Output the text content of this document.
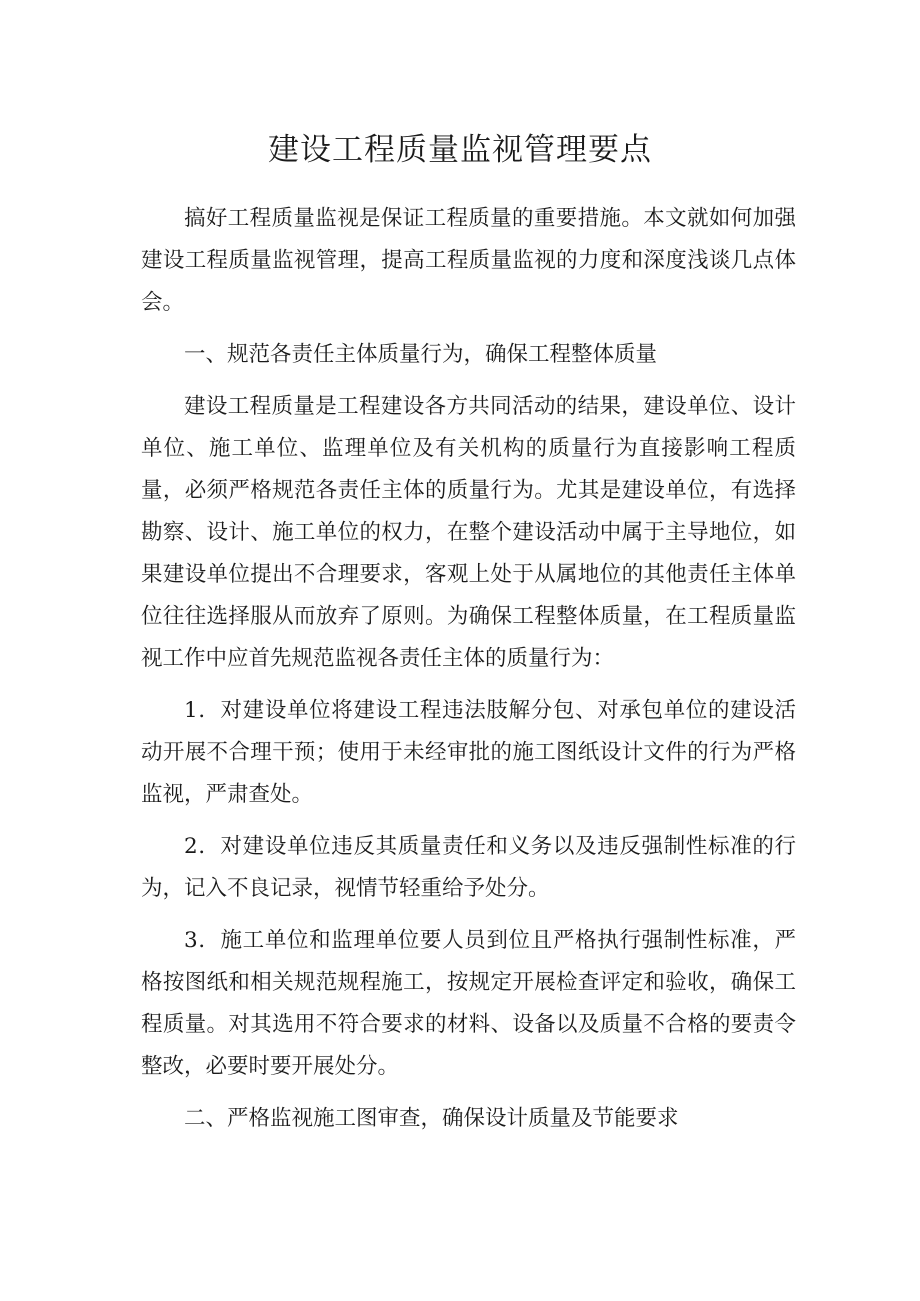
建设工程质量监视管理要点

搞好工程质量监视是保证工程质量的重要措施。本文就如何加强建设工程质量监视管理，提高工程质量监视的力度和深度浅谈几点体会。

一、规范各责任主体质量行为，确保工程整体质量

建设工程质量是工程建设各方共同活动的结果，建设单位、设计单位、施工单位、监理单位及有关机构的质量行为直接影响工程质量，必须严格规范各责任主体的质量行为。尤其是建设单位，有选择勘察、设计、施工单位的权力，在整个建设活动中属于主导地位，如果建设单位提出不合理要求，客观上处于从属地位的其他责任主体单位往往选择服从而放弃了原则。为确保工程整体质量，在工程质量监视工作中应首先规范监视各责任主体的质量行为：

1．对建设单位将建设工程违法肢解分包、对承包单位的建设活动开展不合理干预；使用于未经审批的施工图纸设计文件的行为严格监视，严肃查处。

2．对建设单位违反其质量责任和义务以及违反强制性标准的行为，记入不良记录，视情节轻重给予处分。

3．施工单位和监理单位要人员到位且严格执行强制性标准，严格按图纸和相关规范规程施工，按规定开展检查评定和验收，确保工程质量。对其选用不符合要求的材料、设备以及质量不合格的要责令整改，必要时要开展处分。

二、严格监视施工图审查，确保设计质量及节能要求
